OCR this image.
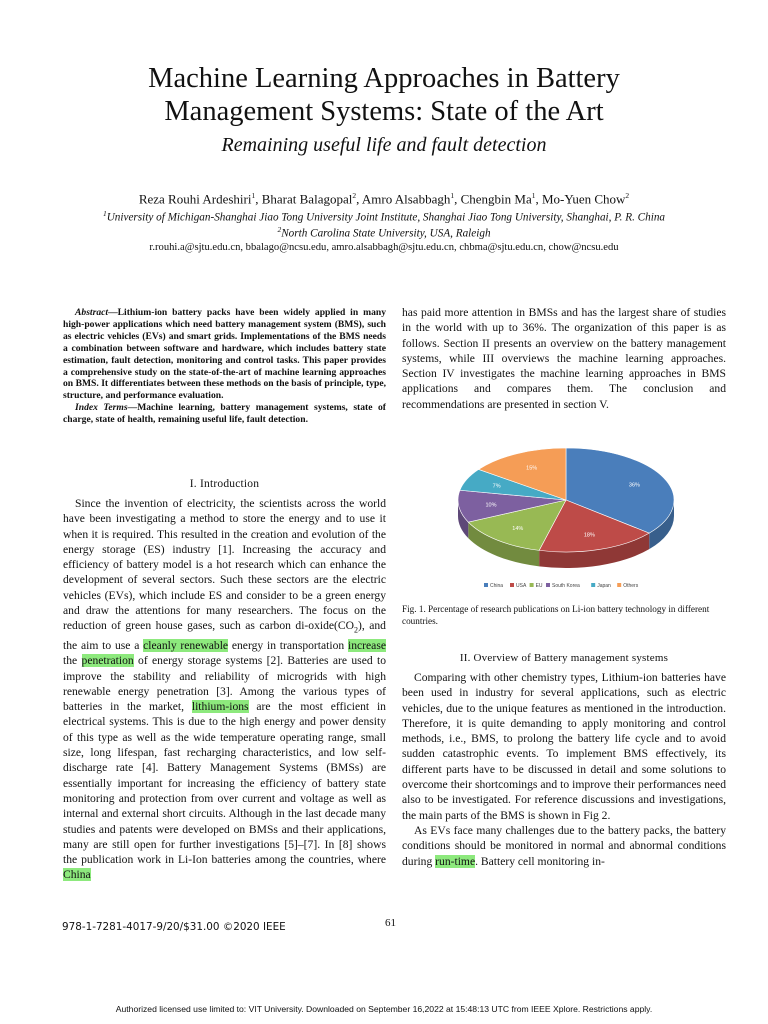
Machine Learning Approaches in Battery
Management Systems: State of the Art
Remaining useful life and fault detection
Reza Rouhi Ardeshiri$^1$, Bharat Balagopal$^2$, Amro Alsabbagh$^1$, Chengbin Ma$^1$, Mo-Yuen Chow$^2$
$^1$University of Michigan-Shanghai Jiao Tong University Joint Institute, Shanghai Jiao Tong University, Shanghai, P. R. China
$^2$North Carolina State University, USA, Raleigh
r.rouhi.a@sjtu.edu.cn, bbalago@ncsu.edu, amro.alsabbagh@sjtu.edu.cn, chbma@sjtu.edu.cn, chow@ncsu.edu

Abstract—Lithium-ion battery packs have been widely applied in many high-power applications which need battery management system (BMS), such as electric vehicles (EVs) and smart grids. Implementations of the BMS needs a combination between software and hardware, which includes battery state estimation, fault detection, monitoring and control tasks. This paper provides a comprehensive study on the state-of-the-art of machine learning approaches on BMS. It differentiates between these methods on the basis of principle, type, structure, and performance evaluation.

Index Terms—Machine learning, battery management systems, state of charge, state of health, remaining useful life, fault detection.

I. Introduction

Since the invention of electricity, the scientists across the world have been investigating a method to store the energy and to use it when it is required. This resulted in the creation and evolution of the energy storage (ES) industry [1]. Increasing the accuracy and efficiency of battery model is a hot research which can enhance the development of several sectors. Such these sectors are the electric vehicles (EVs), which include ES and consider to be a green energy and draw the attentions for many researchers. The focus on the reduction of green house gases, such as carbon $di-oxide(CO_2)$, and the aim to use a cleanly renewable energy in transportation increase the penetration of energy storage systems [2]. Batteries are used to improve the stability and reliability of microgrids with high renewable energy penetration [3]. Among the various types of batteries in the market, lithium-ions are the most efficient in electrical systems. This is due to the high energy and power density of this type as well as the wide temperature operating range, small size, long lifespan, fast recharging characteristics, and low self-discharge rate [4]. Battery Management Systems (BMSs) are essentially important for increasing the efficiency of battery state monitoring and protection from over current and voltage as well as internal and external short circuits. Although in the last decade many studies and patents were developed on BMSs and their applications, many are still open for further investigations [5]–[7]. In [8] shows the publication work in Li-Ion batteries among the countries, where China

has paid more attention in BMSs and has the largest share of studies in the world with up to 36%. The organization of this paper is as follows. Section II presents an overview on the battery management systems, while III overviews the machine learning approaches. Section IV investigates the machine learning approaches in BMS applications and compares them. The conclusion and recommendations are presented in section V.
36%
18%
14%
10%
7%
15%
China	USA EU South Korea	Japan Others
Fig. 1. Percentage of research publications on Li-ion battery technology in different countries.
II. Overview of Battery management systems

Comparing with other chemistry types, Lithium-ion batteries have been used in industry for several applications, such as electric vehicles, due to the unique features as mentioned in the introduction. Therefore, it is quite demanding to apply monitoring and control methods, i.e., BMS, to prolong the battery life cycle and to avoid sudden catastrophic events. To implement BMS effectively, its different parts have to be discussed in detail and some solutions to overcome their shortcomings and to improve their performances need also to be investigated. For reference discussions and investigations, the main parts of the BMS is shown in Fig 2.

As EVs face many challenges due to the battery packs, the battery conditions should be monitored in normal and abnormal conditions during run-time. Battery cell monitoring in-

978-1-7281-4017-9/20/$31.00 ©2020 IEEE	61
Authorized licensed use limited to: VIT University. Downloaded on September 16,2022 at 15:48:13 UTC from IEEE Xplore. Restrictions apply.
